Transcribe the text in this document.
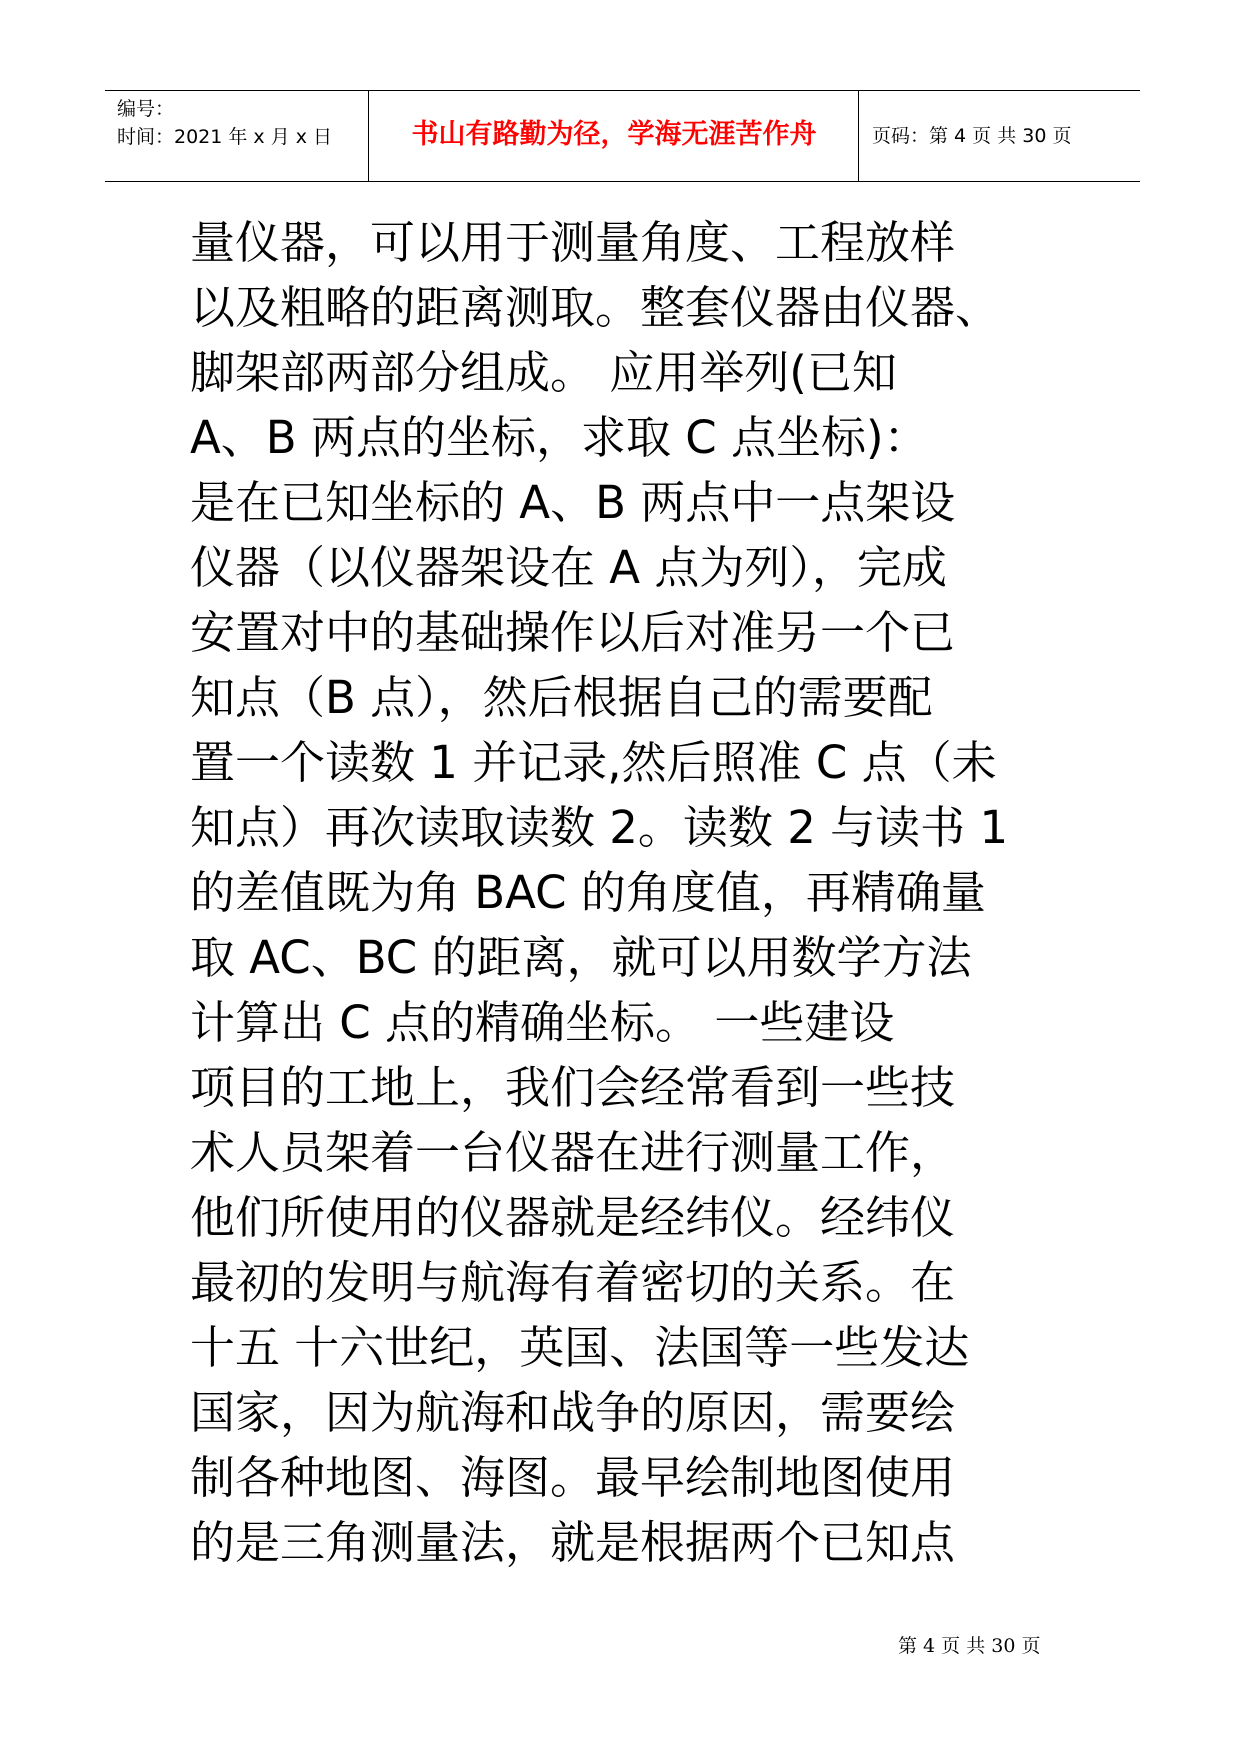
编号：
时间：2021 年 x 月 x 日	书山有路勤为径，学海无涯苦作舟	页码：第 4 页 共 30 页
量仪器，可以用于测量角度、工程放样
以及粗略的距离测取。整套仪器由仪器、
脚架部两部分组成。 应用举列(已知
A、B 两点的坐标，求取 C 点坐标)：
是在已知坐标的 A、B 两点中一点架设
仪器（以仪器架设在 A 点为列），完成
安置对中的基础操作以后对准另一个已
知点（B 点），然后根据自己的需要配
置一个读数 1 并记录,然后照准 C 点（未
知点）再次读取读数 2。读数 2 与读书 1
的差值既为角 BAC 的角度值，再精确量
取 AC、BC 的距离，就可以用数学方法
计算出 C 点的精确坐标。 一些建设
项目的工地上，我们会经常看到一些技
术人员架着一台仪器在进行测量工作，
他们所使用的仪器就是经纬仪。经纬仪
最初的发明与航海有着密切的关系。在
十五 十六世纪，英国、法国等一些发达
国家，因为航海和战争的原因，需要绘
制各种地图、海图。最早绘制地图使用
的是三角测量法，就是根据两个已知点
第 4 页 共 30 页
